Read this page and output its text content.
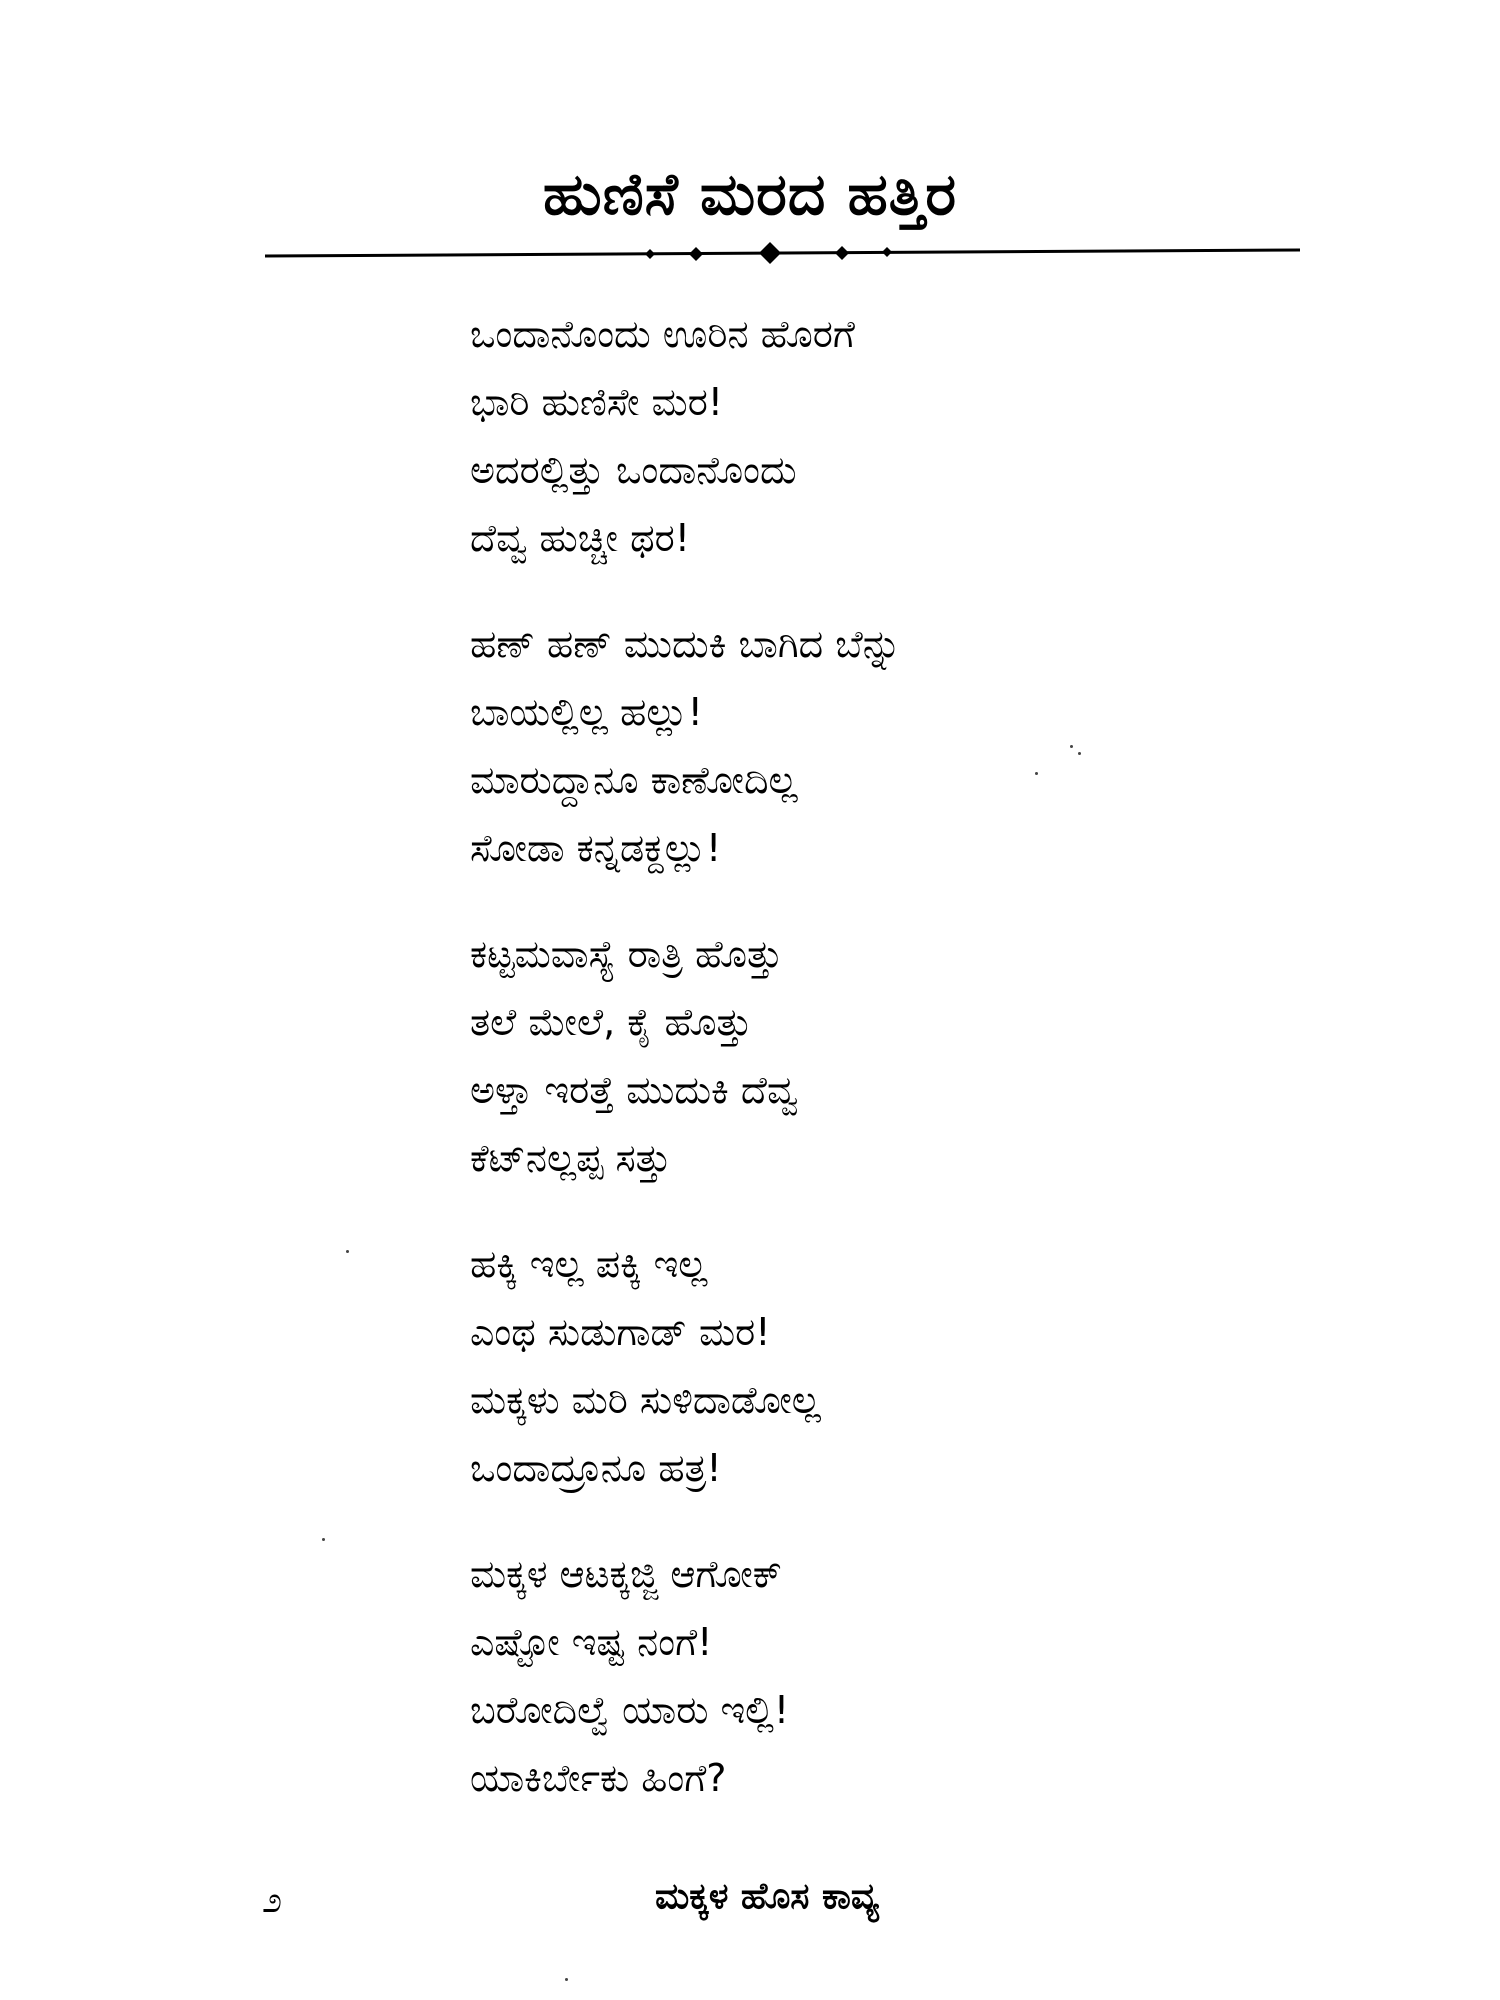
ಹುಣಿಸೆ ಮರದ ಹತ್ತಿರ
ಒಂದಾನೊಂದು ಊರಿನ ಹೊರಗೆ
ಭಾರಿ ಹುಣಿಸೇ ಮರ!
ಅದರಲ್ಲಿತ್ತು ಒಂದಾನೊಂದು
ದೆವ್ವ ಹುಚ್ಚೀ ಥರ!
ಹಣ್ ಹಣ್ ಮುದುಕಿ ಬಾಗಿದ ಬೆನ್ನು
ಬಾಯಲ್ಲಿಲ್ಲ ಹಲ್ಲು!
ಮಾರುದ್ದಾನೂ ಕಾಣೋದಿಲ್ಲ
ಸೋಡಾ ಕನ್ನಡಕ್ದಲ್ಲು!
ಕಟ್ಟಮವಾಸ್ಯೆ ರಾತ್ರಿ ಹೊತ್ತು
ತಲೆ ಮೇಲೆ, ಕೈ ಹೊತ್ತು
ಅಳ್ತಾ ಇರತ್ತೆ ಮುದುಕಿ ದೆವ್ವ
ಕೆಟ್‌ನಲ್ಲಪ್ಪ ಸತ್ತು
ಹಕ್ಕಿ ಇಲ್ಲ ಪಕ್ಕಿ ಇಲ್ಲ
ಎಂಥ ಸುಡುಗಾಡ್ ಮರ!
ಮಕ್ಕಳು ಮರಿ ಸುಳಿದಾಡೋಲ್ಲ
ಒಂದಾದ್ರೂನೂ ಹತ್ರ!
ಮಕ್ಕಳ ಆಟಕ್ಕಜ್ಜಿ ಆಗೋಕ್
ಎಷ್ಟೋ ಇಷ್ಟ ನಂಗೆ!
ಬರೋದಿಲ್ವೆ ಯಾರು ಇಲ್ಲಿ!
ಯಾಕಿರ್ಬೇಕು ಹಿಂಗೆ?
೨	ಮಕ್ಕಳ ಹೊಸ ಕಾವ್ಯ
